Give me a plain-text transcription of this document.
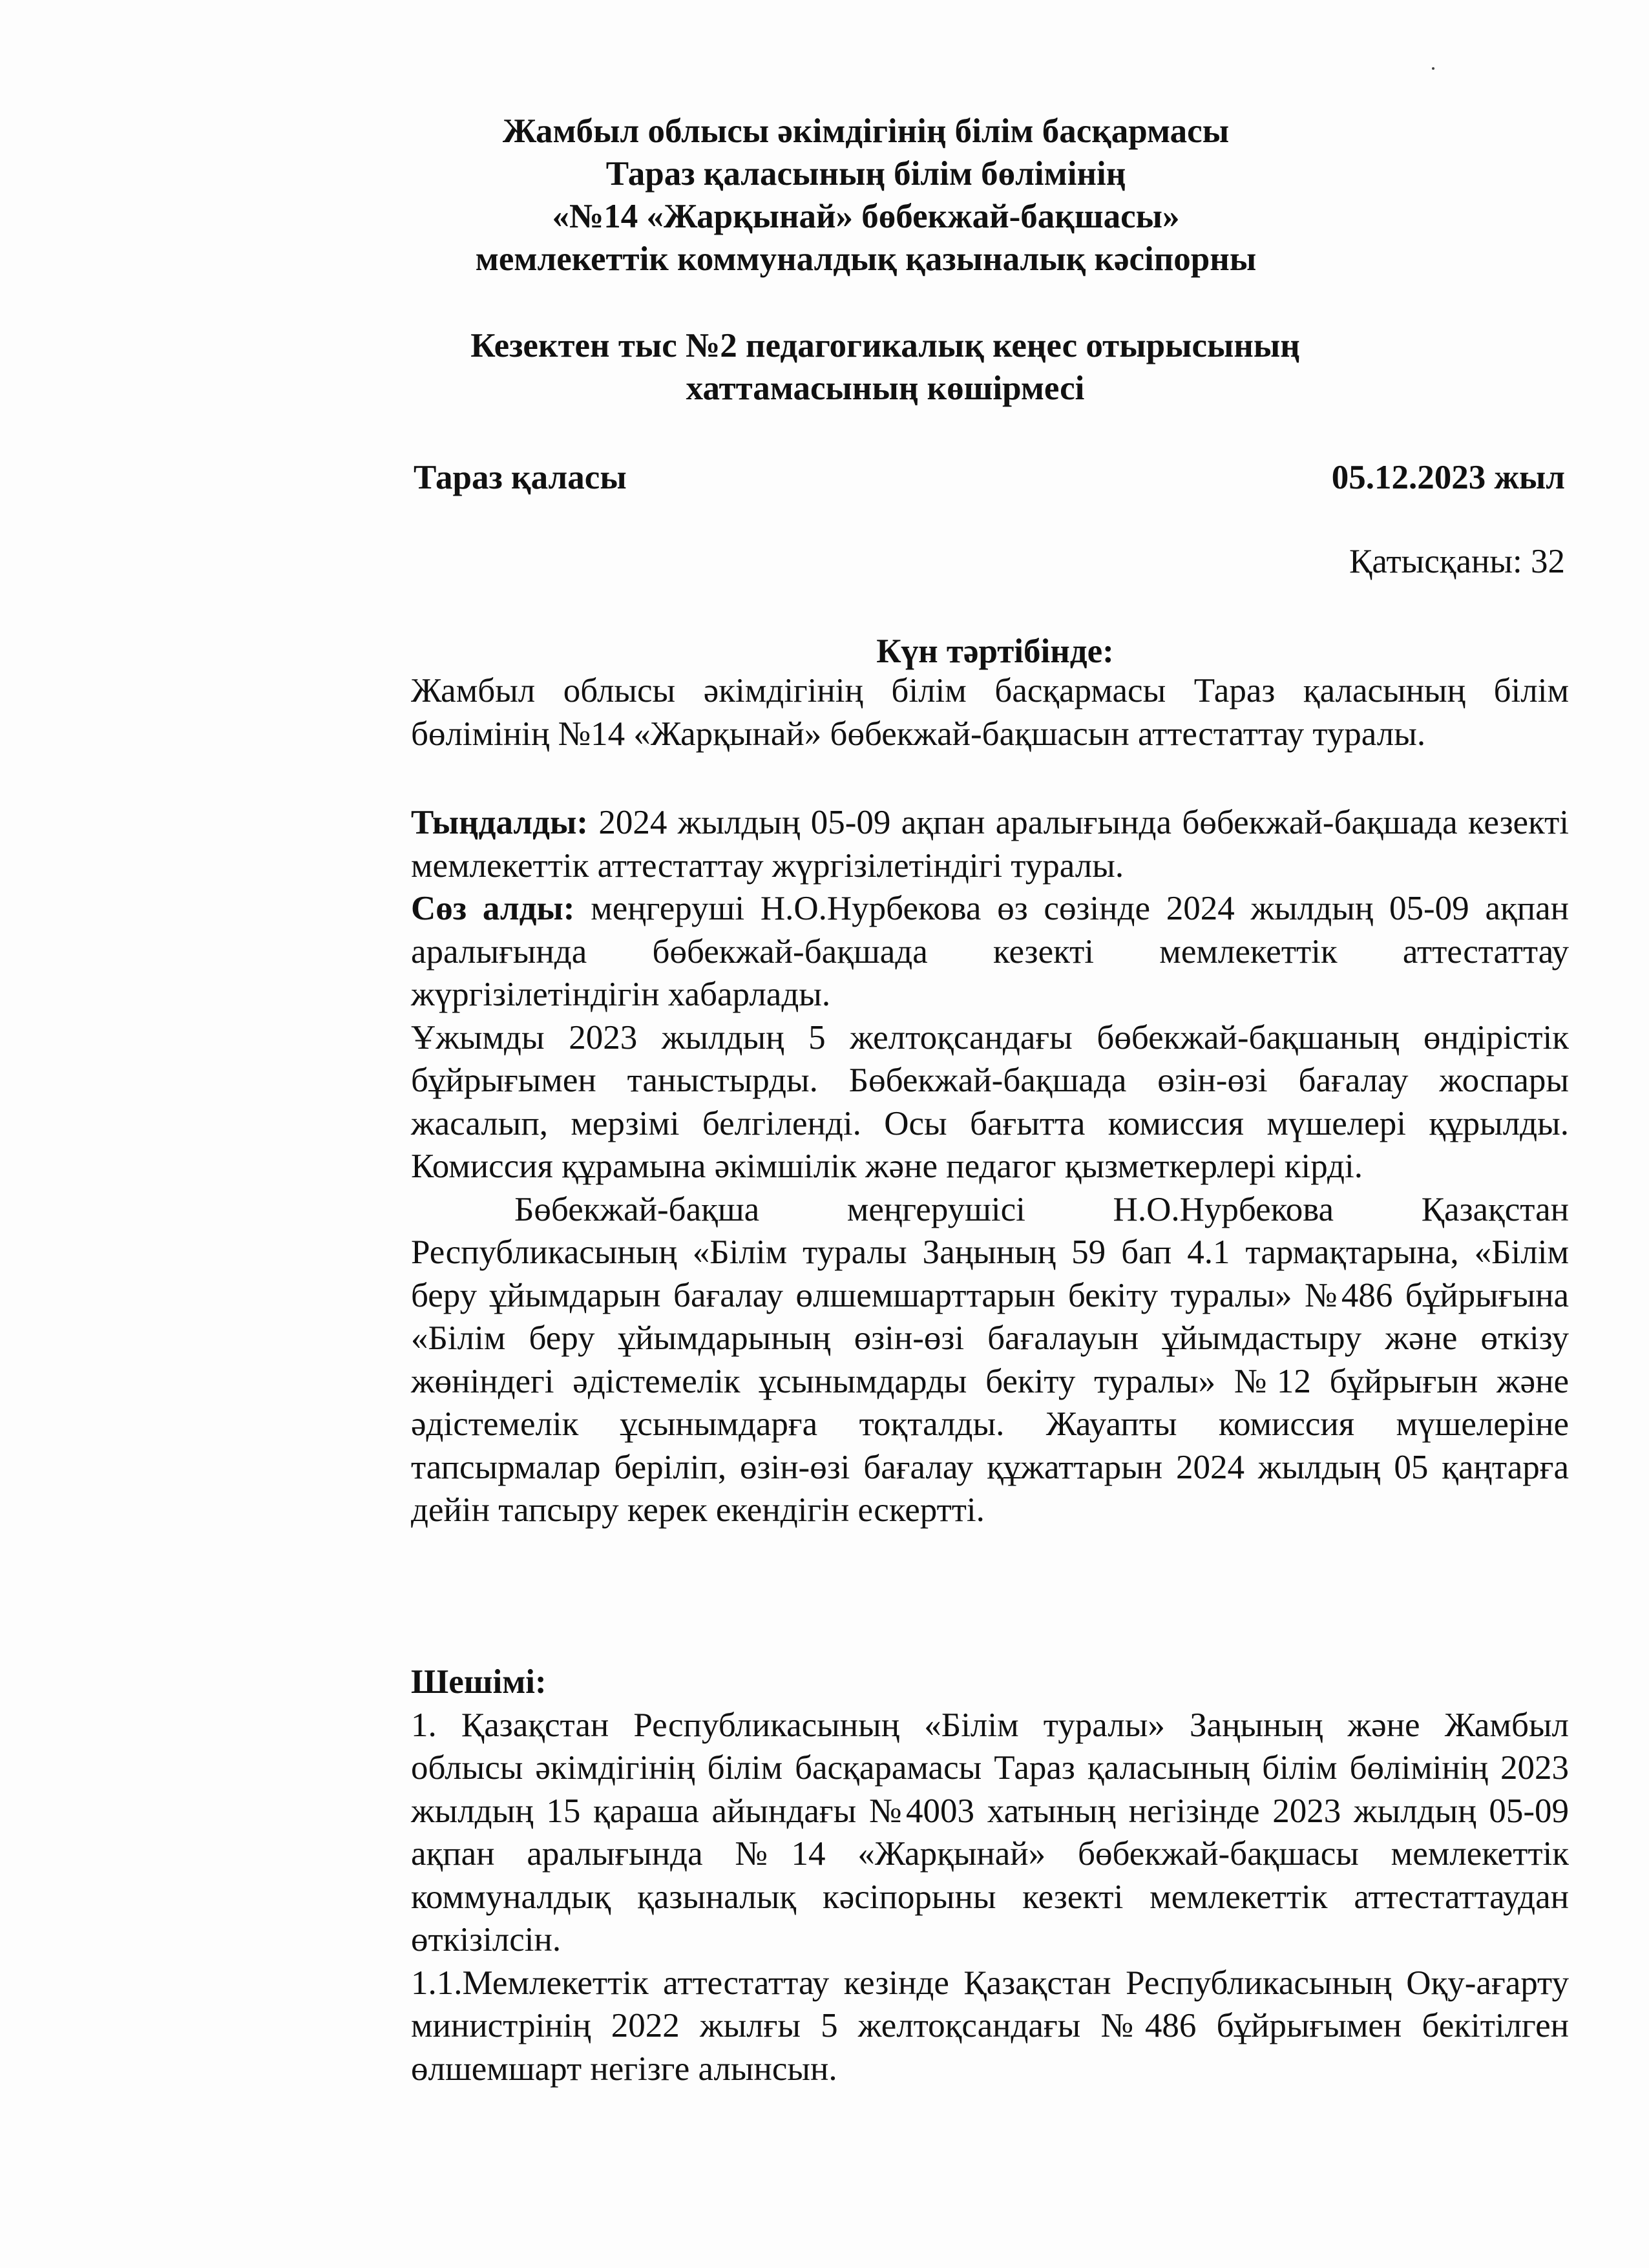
Жамбыл облысы әкімдігінің білім басқармасы
Тараз қаласының білім бөлімінің
«№14 «Жарқынай» бөбекжай-бақшасы»
мемлекеттік коммуналдық қазыналық кәсіпорны
Кезектен тыс №2 педагогикалық кеңес отырысының
хаттамасының көшірмесі
Тараз қаласы	05.12.2023 жыл
Қатысқаны: 32
Күн тәртібінде:

Жамбыл облысы әкімдігінің білім басқармасы Тараз қаласының білім бөлімінің №14 «Жарқынай» бөбекжай-бақшасын аттестаттау туралы.

Тыңдалды: 2024 жылдың 05-09 ақпан аралығында бөбекжай-бақшада кезекті мемлекеттік аттестаттау жүргізілетіндігі туралы.

Сөз алды: меңгеруші Н.О.Нурбекова өз сөзінде 2024 жылдың 05-09 ақпан аралығында бөбекжай-бақшада кезекті мемлекеттік аттестаттау жүргізілетіндігін хабарлады.

Ұжымды 2023 жылдың 5 желтоқсандағы бөбекжай-бақшаның өндірістік бұйрығымен таныстырды. Бөбекжай-бақшада өзін-өзі бағалау жоспары жасалып, мерзімі белгіленді. Осы бағытта комиссия мүшелері құрылды. Комиссия құрамына әкімшілік және педагог қызметкерлері кірді.

Бөбекжай-бақша меңгерушісі Н.О.Нурбекова Қазақстан Республикасының «Білім туралы Заңының 59 бап 4.1 тармақтарына, «Білім беру ұйымдарын бағалау өлшемшарттарын бекіту туралы» №486 бұйрығына «Білім беру ұйымдарының өзін-өзі бағалауын ұйымдастыру және өткізу жөніндегі әдістемелік ұсынымдарды бекіту туралы» №12 бұйрығын және әдістемелік ұсынымдарға тоқталды. Жауапты комиссия мүшелеріне тапсырмалар беріліп, өзін-өзі бағалау құжаттарын 2024 жылдың 05 қаңтарға дейін тапсыру керек екендігін ескертті.

Шешімі:

1. Қазақстан Республикасының «Білім туралы» Заңының және Жамбыл облысы әкімдігінің білім басқарамасы Тараз қаласының білім бөлімінің 2023 жылдың 15 қараша айындағы №4003 хатының негізінде 2023 жылдың 05-09 ақпан аралығында №14 «Жарқынай» бөбекжай-бақшасы мемлекеттік коммуналдық қазыналық кәсіпорыны кезекті мемлекеттік аттестаттаудан өткізілсін.

1.1.Мемлекеттік аттестаттау кезінде Қазақстан Республикасының Оқу-ағарту министрінің 2022 жылғы 5 желтоқсандағы №486 бұйрығымен бекітілген өлшемшарт негізге алынсын.
